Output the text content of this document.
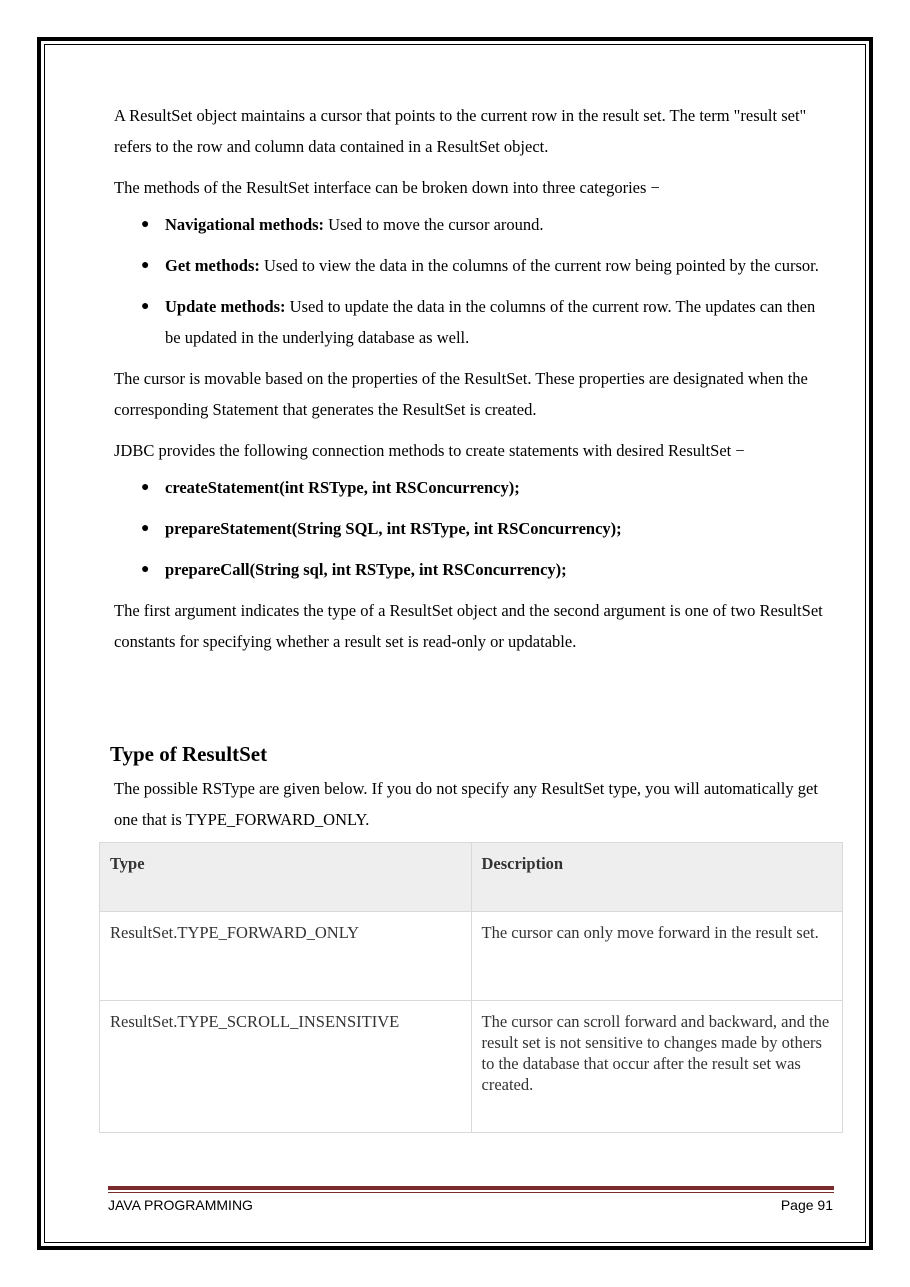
A ResultSet object maintains a cursor that points to the current row in the result set. The term "result set" refers to the row and column data contained in a ResultSet object.

The methods of the ResultSet interface can be broken down into three categories −

● Navigational methods: Used to move the cursor around.
● Get methods: Used to view the data in the columns of the current row being pointed by the cursor.
● Update methods: Used to update the data in the columns of the current row. The updates can then be updated in the underlying database as well.

The cursor is movable based on the properties of the ResultSet. These properties are designated when the corresponding Statement that generates the ResultSet is created.

JDBC provides the following connection methods to create statements with desired ResultSet −

● createStatement(int RSType, int RSConcurrency);
● prepareStatement(String SQL, int RSType, int RSConcurrency);
● prepareCall(String sql, int RSType, int RSConcurrency);

The first argument indicates the type of a ResultSet object and the second argument is one of two ResultSet constants for specifying whether a result set is read-only or updatable.

Type of ResultSet

The possible RSType are given below. If you do not specify any ResultSet type, you will automatically get one that is TYPE_FORWARD_ONLY.

Type	Description
ResultSet.TYPE_FORWARD_ONLY	The cursor can only move forward in the result set.
ResultSet.TYPE_SCROLL_INSENSITIVE	The cursor can scroll forward and backward, and the result set is not sensitive to changes made by others to the database that occur after the result set was created.
JAVA PROGRAMMING	Page 91
